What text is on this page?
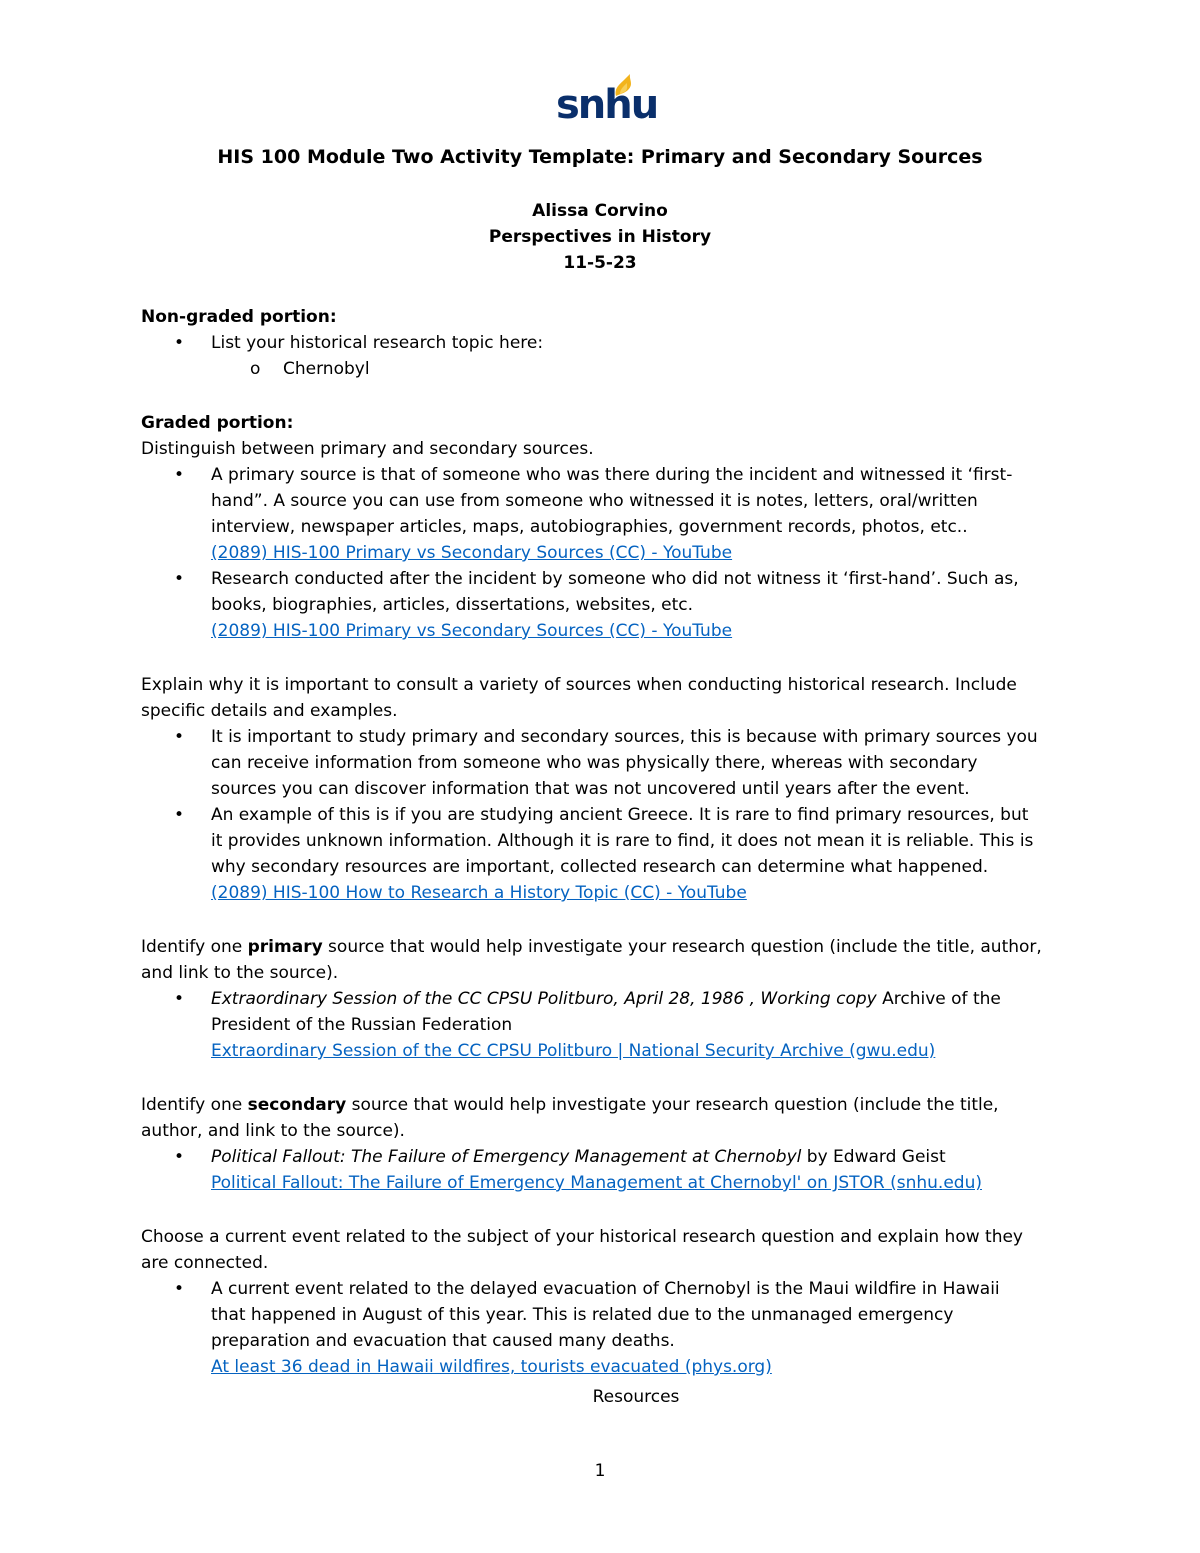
snhu
HIS 100 Module Two Activity Template: Primary and Secondary Sources
Alissa Corvino
Perspectives in History
11-5-23
Non-graded portion:
• List your historical research topic here:
o Chernobyl
Graded portion:
Distinguish between primary and secondary sources.
• A primary source is that of someone who was there during the incident and witnessed it ‘first-
hand”. A source you can use from someone who witnessed it is notes, letters, oral/written
interview, newspaper articles, maps, autobiographies, government records, photos, etc..
(2089) HIS-100 Primary vs Secondary Sources (CC) - YouTube
• Research conducted after the incident by someone who did not witness it ‘first-hand’. Such as,
books, biographies, articles, dissertations, websites, etc.
(2089) HIS-100 Primary vs Secondary Sources (CC) - YouTube
Explain why it is important to consult a variety of sources when conducting historical research. Include
specific details and examples.
• It is important to study primary and secondary sources, this is because with primary sources you
can receive information from someone who was physically there, whereas with secondary
sources you can discover information that was not uncovered until years after the event.
• An example of this is if you are studying ancient Greece. It is rare to find primary resources, but
it provides unknown information. Although it is rare to find, it does not mean it is reliable. This is
why secondary resources are important, collected research can determine what happened.
(2089) HIS-100 How to Research a History Topic (CC) - YouTube
Identify one primary source that would help investigate your research question (include the title, author,
and link to the source).
• Extraordinary Session of the CC CPSU Politburo, April 28, 1986 , Working copy Archive of the
President of the Russian Federation
Extraordinary Session of the CC CPSU Politburo | National Security Archive (gwu.edu)
Identify one secondary source that would help investigate your research question (include the title,
author, and link to the source).
• Political Fallout: The Failure of Emergency Management at Chernobyl by Edward Geist
Political Fallout: The Failure of Emergency Management at Chernobyl' on JSTOR (snhu.edu)
Choose a current event related to the subject of your historical research question and explain how they
are connected.
• A current event related to the delayed evacuation of Chernobyl is the Maui wildfire in Hawaii
that happened in August of this year. This is related due to the unmanaged emergency
preparation and evacuation that caused many deaths.
At least 36 dead in Hawaii wildfires, tourists evacuated (phys.org)
Resources
1
